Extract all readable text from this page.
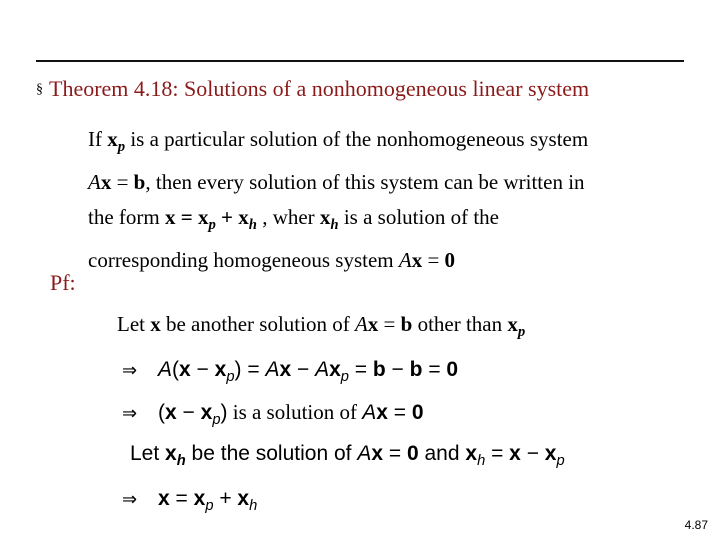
§ Theorem 4.18: Solutions of a nonhomogeneous linear system
If $x_p$ is a particular solution of the nonhomogeneous system
Ax = b, then every solution of this system can be written in
the form $x = x_p + x_h$ , wher $x_h$ is a solution of the
corresponding homogeneous system Ax = 0
Pf:
Let x be another solution of Ax = b other than $x_p$
⇒ $A(x - x_p) = Ax - Ax_p = b - b = 0$
⇒ $(x - x_p)$ is a solution of Ax = 0
Let $x_h$ be the solution of Ax = 0 and $x_h = x - x_p$
⇒ $x = x_p + x_h$
4.87
